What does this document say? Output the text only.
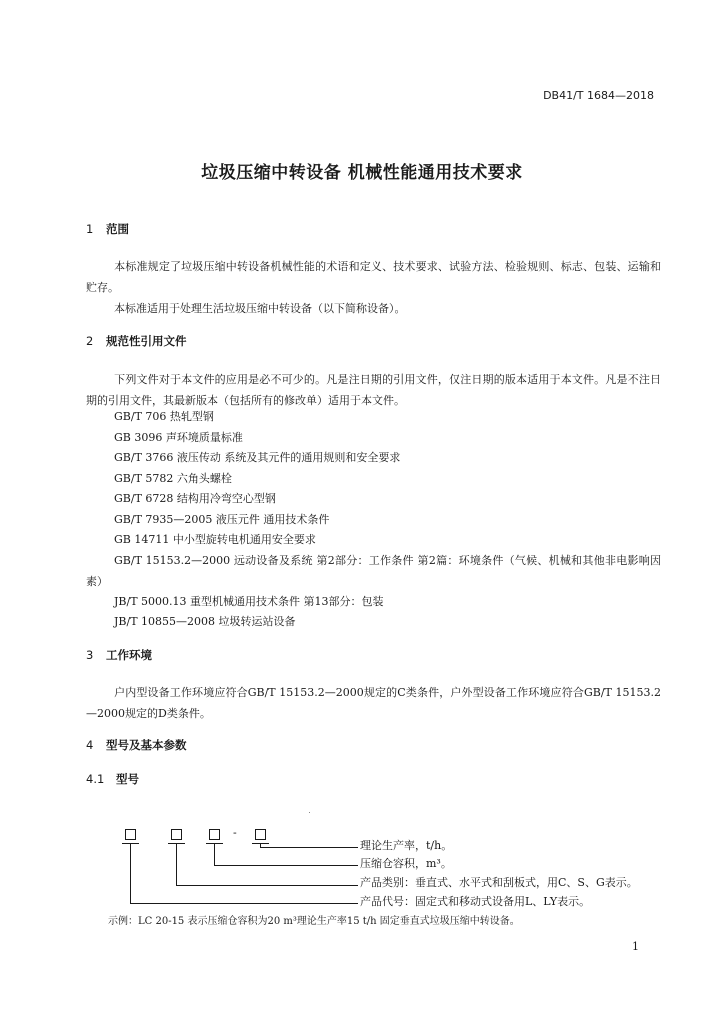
DB41/T 1684—2018
垃圾压缩中转设备 机械性能通用技术要求
1 范围
本标准规定了垃圾压缩中转设备机械性能的术语和定义、技术要求、试验方法、检验规则、标志、包装、运输和贮存。
本标准适用于处理生活垃圾压缩中转设备（以下简称设备）。
2 规范性引用文件
下列文件对于本文件的应用是必不可少的。凡是注日期的引用文件，仅注日期的版本适用于本文件。凡是不注日期的引用文件，其最新版本（包括所有的修改单）适用于本文件。
GB/T 706 热轧型钢
GB 3096 声环境质量标准
GB/T 3766 液压传动 系统及其元件的通用规则和安全要求
GB/T 5782 六角头螺栓
GB/T 6728 结构用冷弯空心型钢
GB/T 7935—2005 液压元件 通用技术条件
GB 14711 中小型旋转电机通用安全要求
GB/T 15153.2—2000 远动设备及系统 第2部分：工作条件 第2篇：环境条件（气候、机械和其他非电影响因素）
JB/T 5000.13 重型机械通用技术条件 第13部分：包装
JB/T 10855—2008 垃圾转运站设备
3 工作环境
户内型设备工作环境应符合GB/T 15153.2—2000规定的C类条件，户外型设备工作环境应符合GB/T 15153.2—2000规定的D类条件。
4 型号及基本参数
4.1 型号
-
理论生产率，t/h。
压缩仓容积，m³。
产品类别：垂直式、水平式和刮板式，用C、S、G表示。
产品代号：固定式和移动式设备用L、LY表示。
示例：LC 20-15 表示压缩仓容积为20 m³理论生产率15 t/h 固定垂直式垃圾压缩中转设备。
1
